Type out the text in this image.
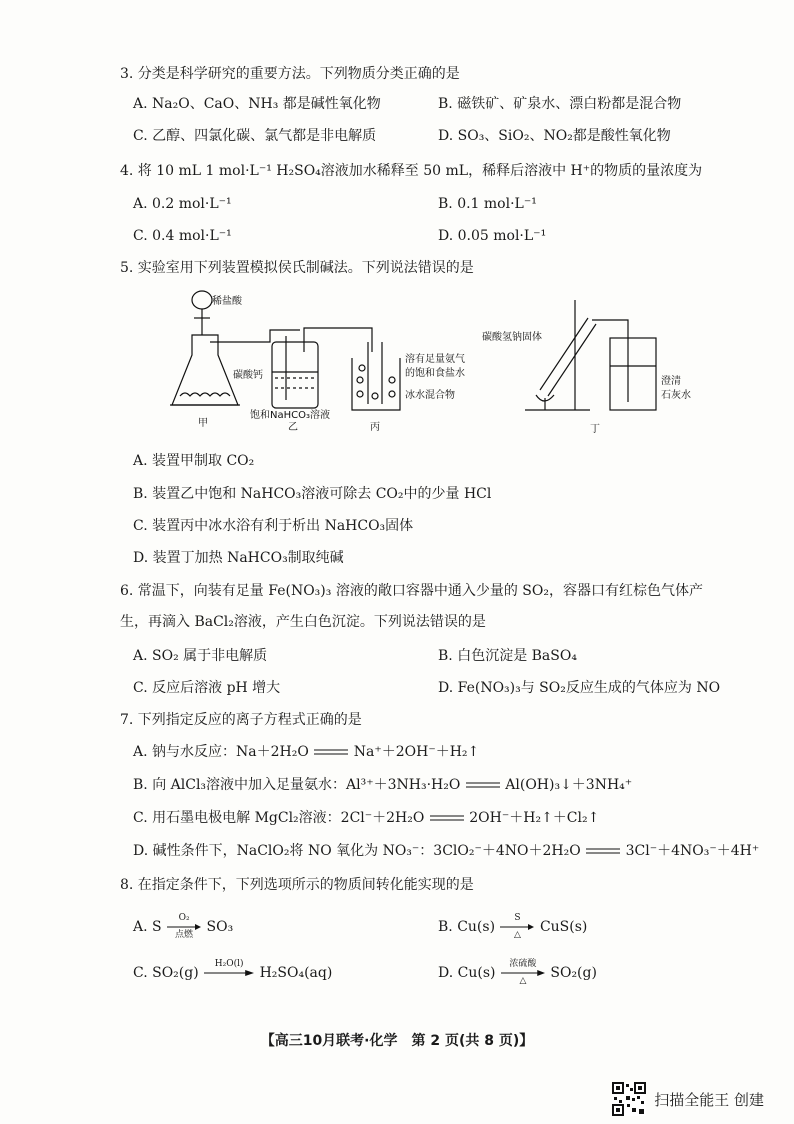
3. 分类是科学研究的重要方法。下列物质分类正确的是
A. Na₂O、CaO、NH₃ 都是碱性氧化物	B. 磁铁矿、矿泉水、漂白粉都是混合物
C. 乙醇、四氯化碳、氯气都是非电解质	D. SO₃、SiO₂、NO₂都是酸性氧化物
4. 将 10 mL 1 mol·L⁻¹ H₂SO₄溶液加水稀释至 50 mL，稀释后溶液中 H⁺的物质的量浓度为
A. 0.2 mol·L⁻¹	B. 0.1 mol·L⁻¹
C. 0.4 mol·L⁻¹	D. 0.05 mol·L⁻¹
5. 实验室用下列装置模拟侯氏制碱法。下列说法错误的是
稀盐酸
碳酸钙
甲
饱和NaHCO₃溶液
乙
溶有足量氨气
的饱和食盐水
冰水混合物
丙
碳酸氢钠固体
澄清
石灰水
丁
A. 装置甲制取 CO₂
B. 装置乙中饱和 NaHCO₃溶液可除去 CO₂中的少量 HCl
C. 装置丙中冰水浴有利于析出 NaHCO₃固体
D. 装置丁加热 NaHCO₃制取纯碱
6. 常温下，向装有足量 Fe(NO₃)₃ 溶液的敞口容器中通入少量的 SO₂，容器口有红棕色气体产
生，再滴入 BaCl₂溶液，产生白色沉淀。下列说法错误的是
A. SO₂ 属于非电解质	B. 白色沉淀是 BaSO₄
C. 反应后溶液 pH 增大	D. Fe(NO₃)₃与 SO₂反应生成的气体应为 NO
7. 下列指定反应的离子方程式正确的是
A. 钠与水反应：Na＋2H₂O	Na⁺＋2OH⁻＋H₂↑
B. 向 AlCl₃溶液中加入足量氨水：Al³⁺＋3NH₃·H₂O	Al(OH)₃↓＋3NH₄⁺
C. 用石墨电极电解 MgCl₂溶液：2Cl⁻＋2H₂O	2OH⁻＋H₂↑＋Cl₂↑
D. 碱性条件下，NaClO₂将 NO 氧化为 NO₃⁻：3ClO₂⁻＋4NO＋2H₂O	3Cl⁻＋4NO₃⁻＋4H⁺
8. 在指定条件下，下列选项所示的物质间转化能实现的是
A. S
O₂
点燃 SO₃	B. Cu(s)
S
△ CuS(s)
C. SO₂(g)
H₂O(l)

H₂SO₄(aq)	D. Cu(s)
浓硫酸
△ SO₂(g)
【高三10月联考·化学　第 2 页(共 8 页)】
扫描全能王 创建
